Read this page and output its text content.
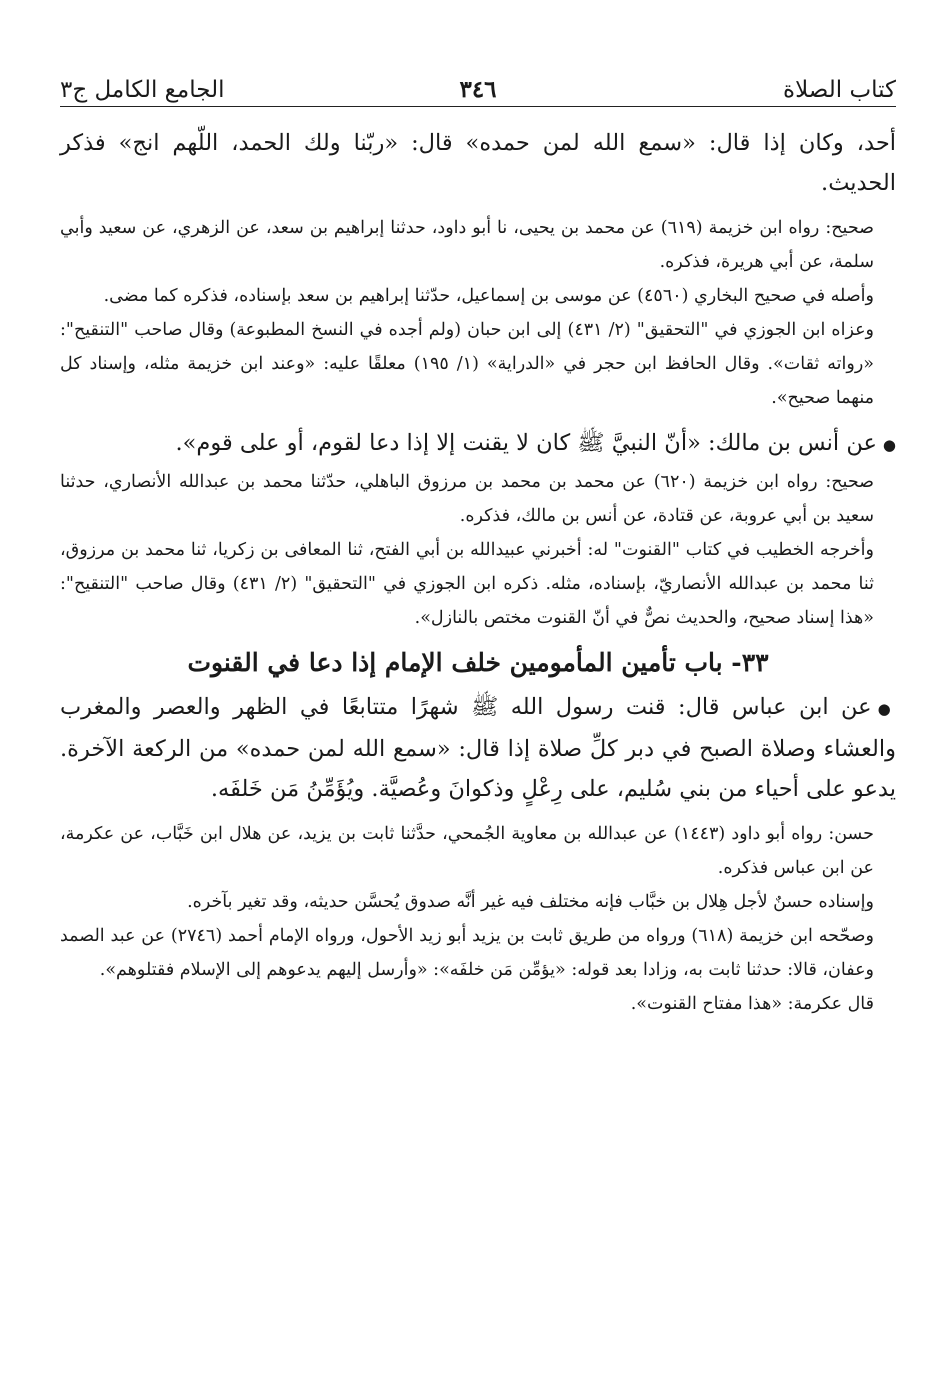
كتاب الصلاة
٣٤٦
الجامع الكامل ج٣

أحد، وكان إذا قال: «سمع الله لمن حمده» قال: «ربّنا ولك الحمد، اللّهم انج» فذكر الحديث.

صحيح: رواه ابن خزيمة (٦١٩) عن محمد بن يحيى، نا أبو داود، حدثنا إبراهيم بن سعد، عن الزهري، عن سعيد وأبي سلمة، عن أبي هريرة، فذكره.

وأصله في صحيح البخاري (٤٥٦٠) عن موسى بن إسماعيل، حدّثنا إبراهيم بن سعد بإسناده، فذكره كما مضى.

وعزاه ابن الجوزي في "التحقيق" (٢/ ٤٣١) إلى ابن حبان (ولم أجده في النسخ المطبوعة) وقال صاحب "التنقيح": «رواته ثقات». وقال الحافظ ابن حجر في «الدراية» (١/ ١٩٥) معلقًا عليه: «وعند ابن خزيمة مثله، وإسناد كل منهما صحيح».

●عن أنس بن مالك: «أنّ النبيَّ ﷺ كان لا يقنت إلا إذا دعا لقوم، أو على قوم».

صحيح: رواه ابن خزيمة (٦٢٠) عن محمد بن محمد بن مرزوق الباهلي، حدّثنا محمد بن عبدالله الأنصاري، حدثنا سعيد بن أبي عروبة، عن قتادة، عن أنس بن مالك، فذكره.

وأخرجه الخطيب في كتاب "القنوت" له: أخبرني عبيدالله بن أبي الفتح، ثنا المعافى بن زكريا، ثنا محمد بن مرزوق، ثنا محمد بن عبدالله الأنصاريّ، بإسناده، مثله. ذكره ابن الجوزي في "التحقيق" (٢/ ٤٣١) وقال صاحب "التنقيح": «هذا إسناد صحيح، والحديث نصٌّ في أنّ القنوت مختص بالنازل».

٣٣- باب تأمين المأمومين خلف الإمام إذا دعا في القنوت

●عن ابن عباس قال: قنت رسول الله ﷺ شهرًا متتابعًا في الظهر والعصر والمغرب والعشاء وصلاة الصبح في دبر كلِّ صلاة إذا قال: «سمع الله لمن حمده» من الركعة الآخرة. يدعو على أحياء من بني سُليم، على رِعْلٍ وذكوانَ وعُصيَّة. ويُؤَمِّنُ مَن خَلفَه.

حسن: رواه أبو داود (١٤٤٣) عن عبدالله بن معاوية الجُمحي، حدَّثنا ثابت بن يزيد، عن هلال ابن خَبَّاب، عن عكرمة، عن ابن عباس فذكره.

وإسناده حسنٌ لأجل هِلال بن خبَّاب فإنه مختلف فيه غير أنَّه صدوق يُحسَّن حديثه، وقد تغير بآخره.

وصحّحه ابن خزيمة (٦١٨) ورواه من طريق ثابت بن يزيد أبو زيد الأحول، ورواه الإمام أحمد (٢٧٤٦) عن عبد الصمد وعفان، قالا: حدثنا ثابت به، وزادا بعد قوله: «يؤمِّن مَن خلفَه»: «وأرسل إليهم يدعوهم إلى الإسلام فقتلوهم».

قال عكرمة: «هذا مفتاح القنوت».
